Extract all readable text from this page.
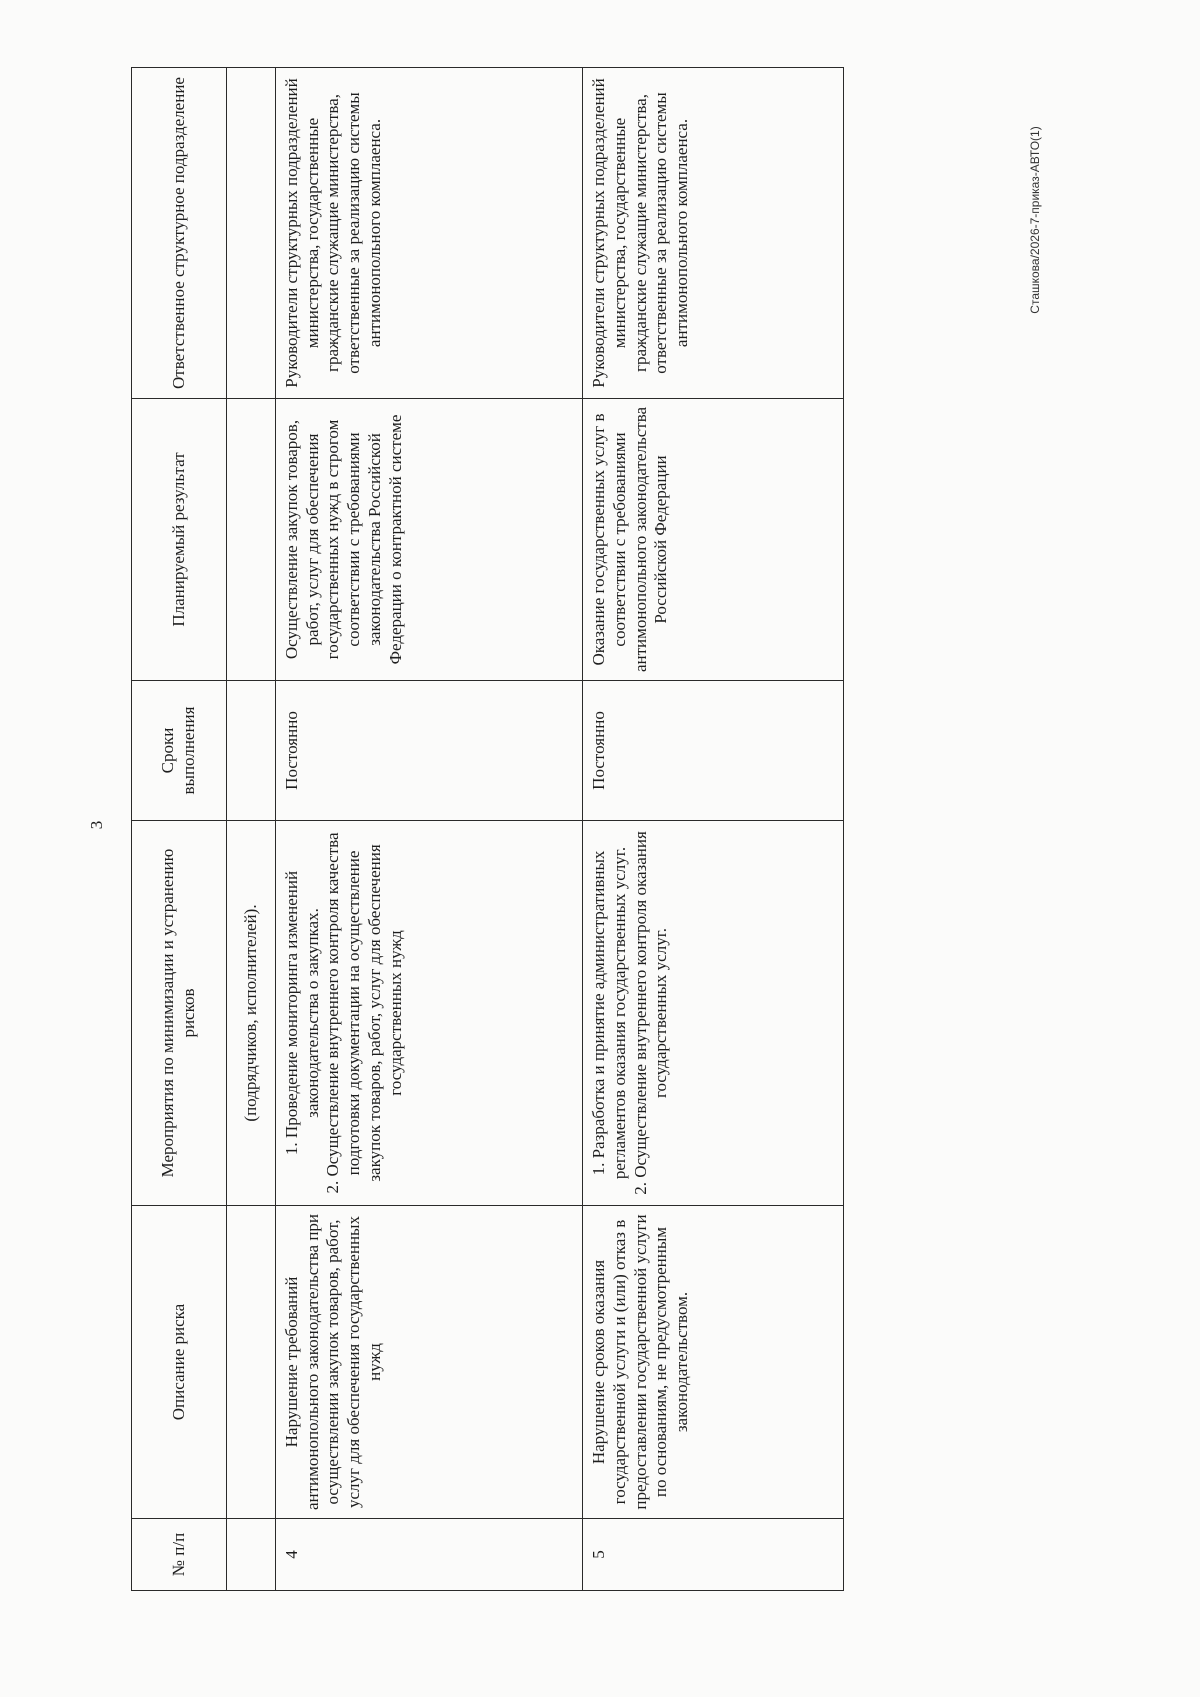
3
Сташкова/2026-7-приказ-АВТО(1)
№ п/п	Описание риска	Мероприятия по минимизации и устранению рисков	Сроки выполнения	Планируемый результат	Ответственное структурное подразделение
		(подрядчиков, исполнителей).			
4	Нарушение требований антимонопольного законодательства при осуществлении закупок товаров, работ, услуг для обеспечения государственных нужд	1. Проведение мониторинга изменений законодательства о закупках. 2. Осуществление внутреннего контроля качества подготовки документации на осуществление закупок товаров, работ, услуг для обеспечения государственных нужд	Постоянно	Осуществление закупок товаров, работ, услуг для обеспечения государственных нужд в строгом соответствии с требованиями законодательства Российской Федерации о контрактной системе	Руководители структурных подразделений министерства, государственные гражданские служащие министерства, ответственные за реализацию системы антимонопольного комплаенса.
5	Нарушение сроков оказания государственной услуги и (или) отказ в предоставлении государственной услуги по основаниям, не предусмотренным законодательством.	1. Разработка и принятие административных регламентов оказания государственных услуг. 2. Осуществление внутреннего контроля оказания государственных услуг.	Постоянно	Оказание государственных услуг в соответствии с требованиями антимонопольного законодательства Российской Федерации	Руководители структурных подразделений министерства, государственные гражданские служащие министерства, ответственные за реализацию системы антимонопольного комплаенса.
